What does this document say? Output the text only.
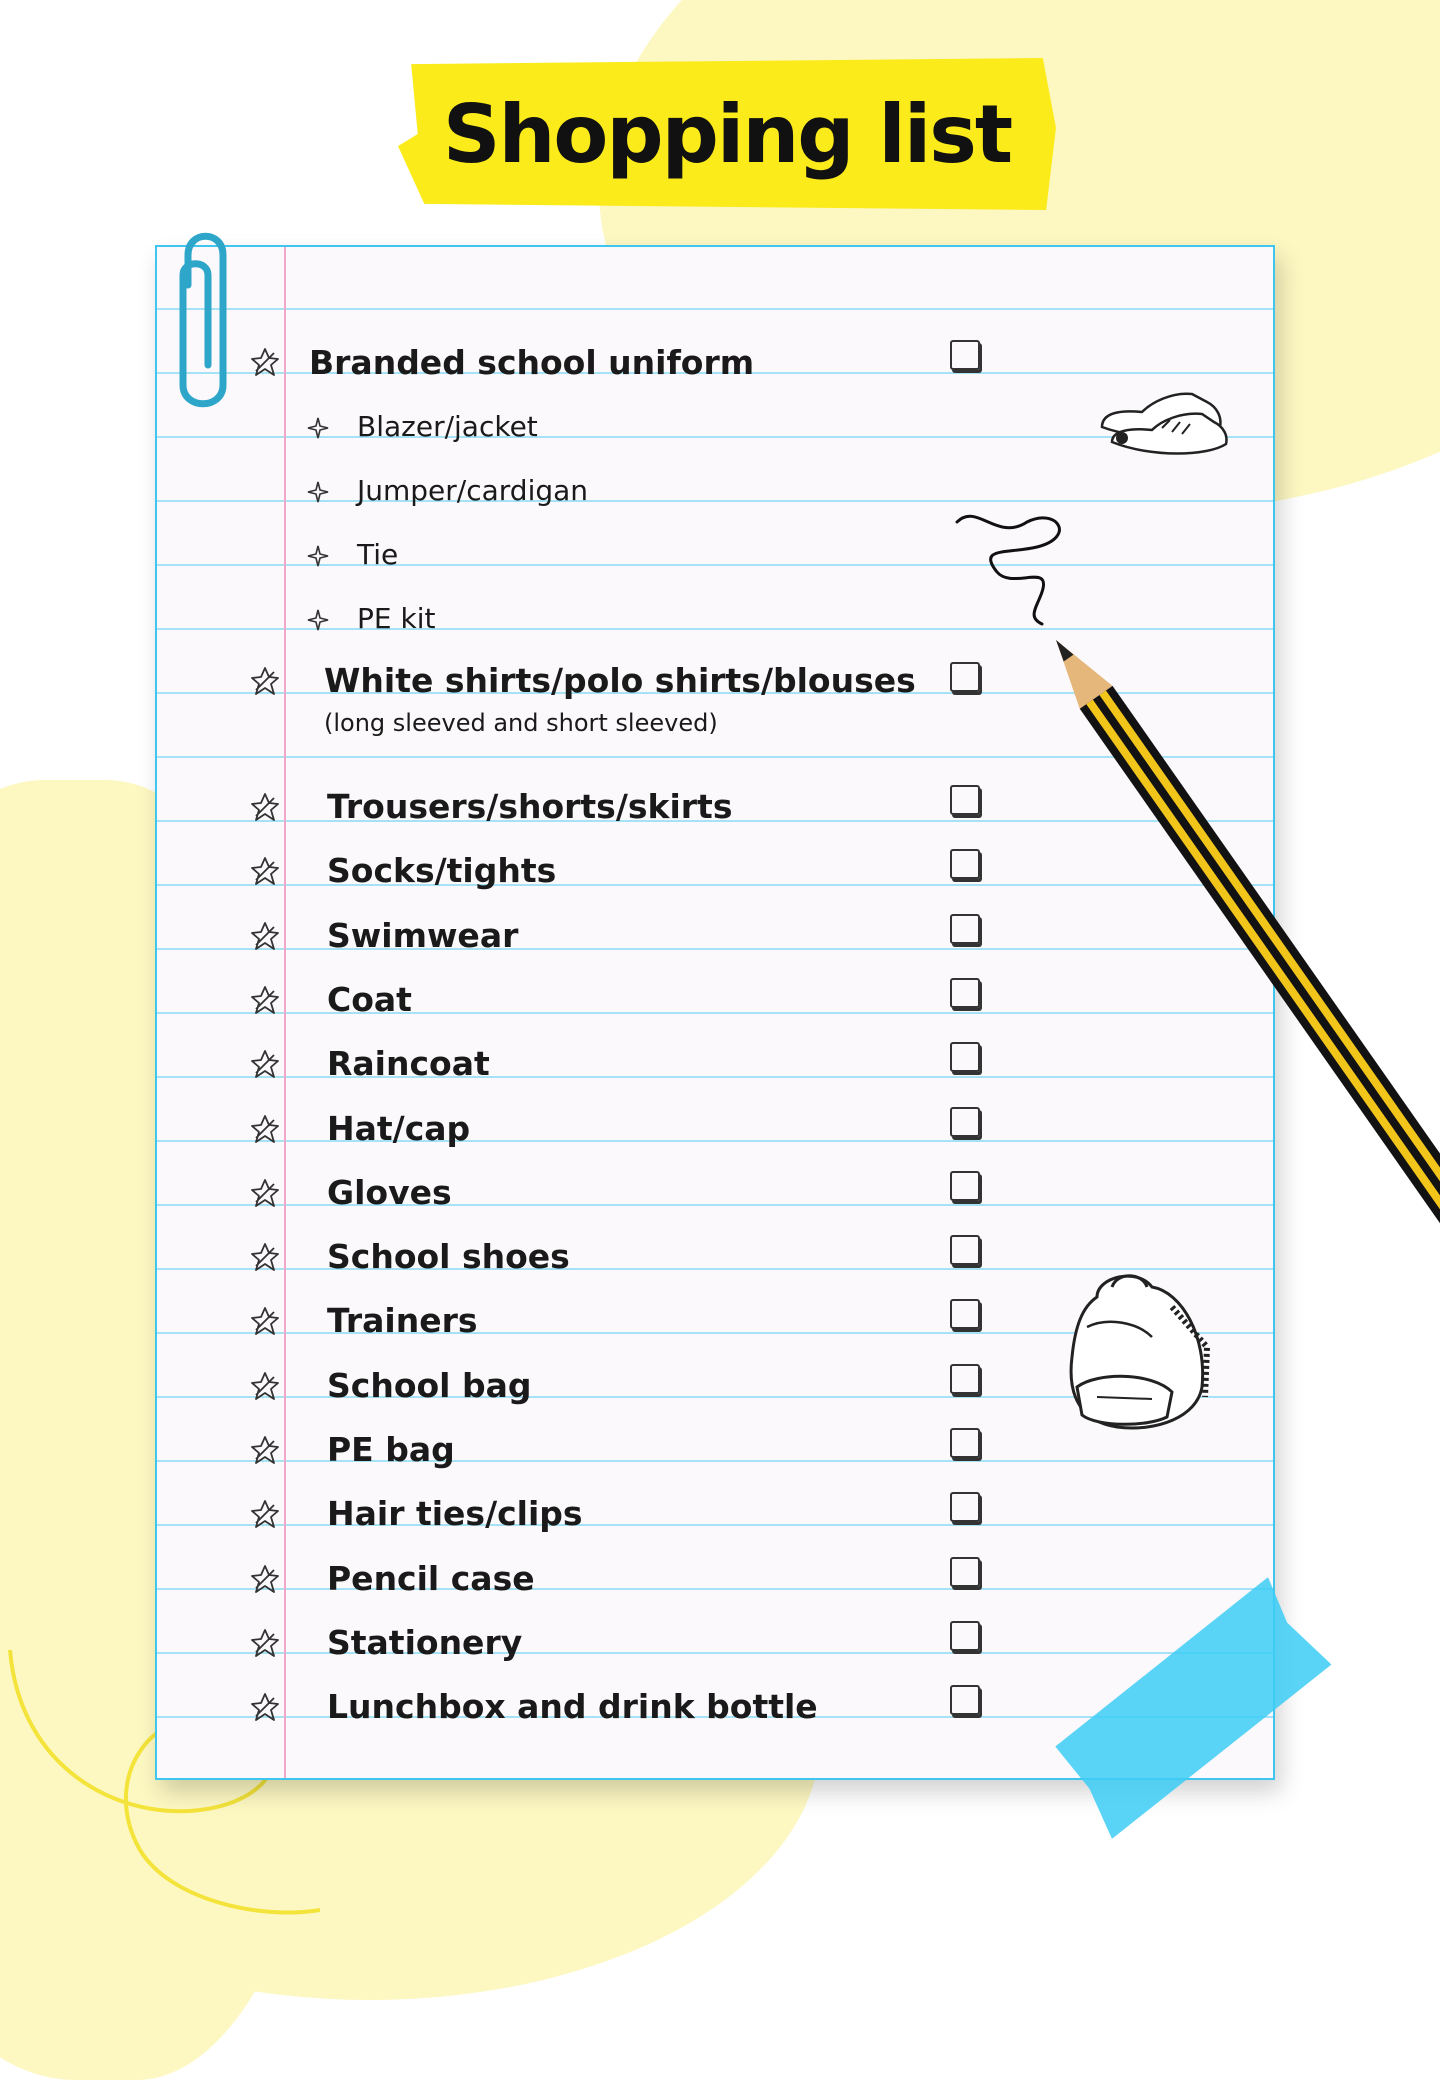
Shopping list
Branded school uniform
Blazer/jacket
Jumper/cardigan
Tie
PE kit
White shirts/polo shirts/blouses
(long sleeved and short sleeved)
Trousers/shorts/skirts
Socks/tights
Swimwear
Coat
Raincoat
Hat/cap
Gloves
School shoes
Trainers
School bag
PE bag
Hair ties/clips
Pencil case
Stationery
Lunchbox and drink bottle
